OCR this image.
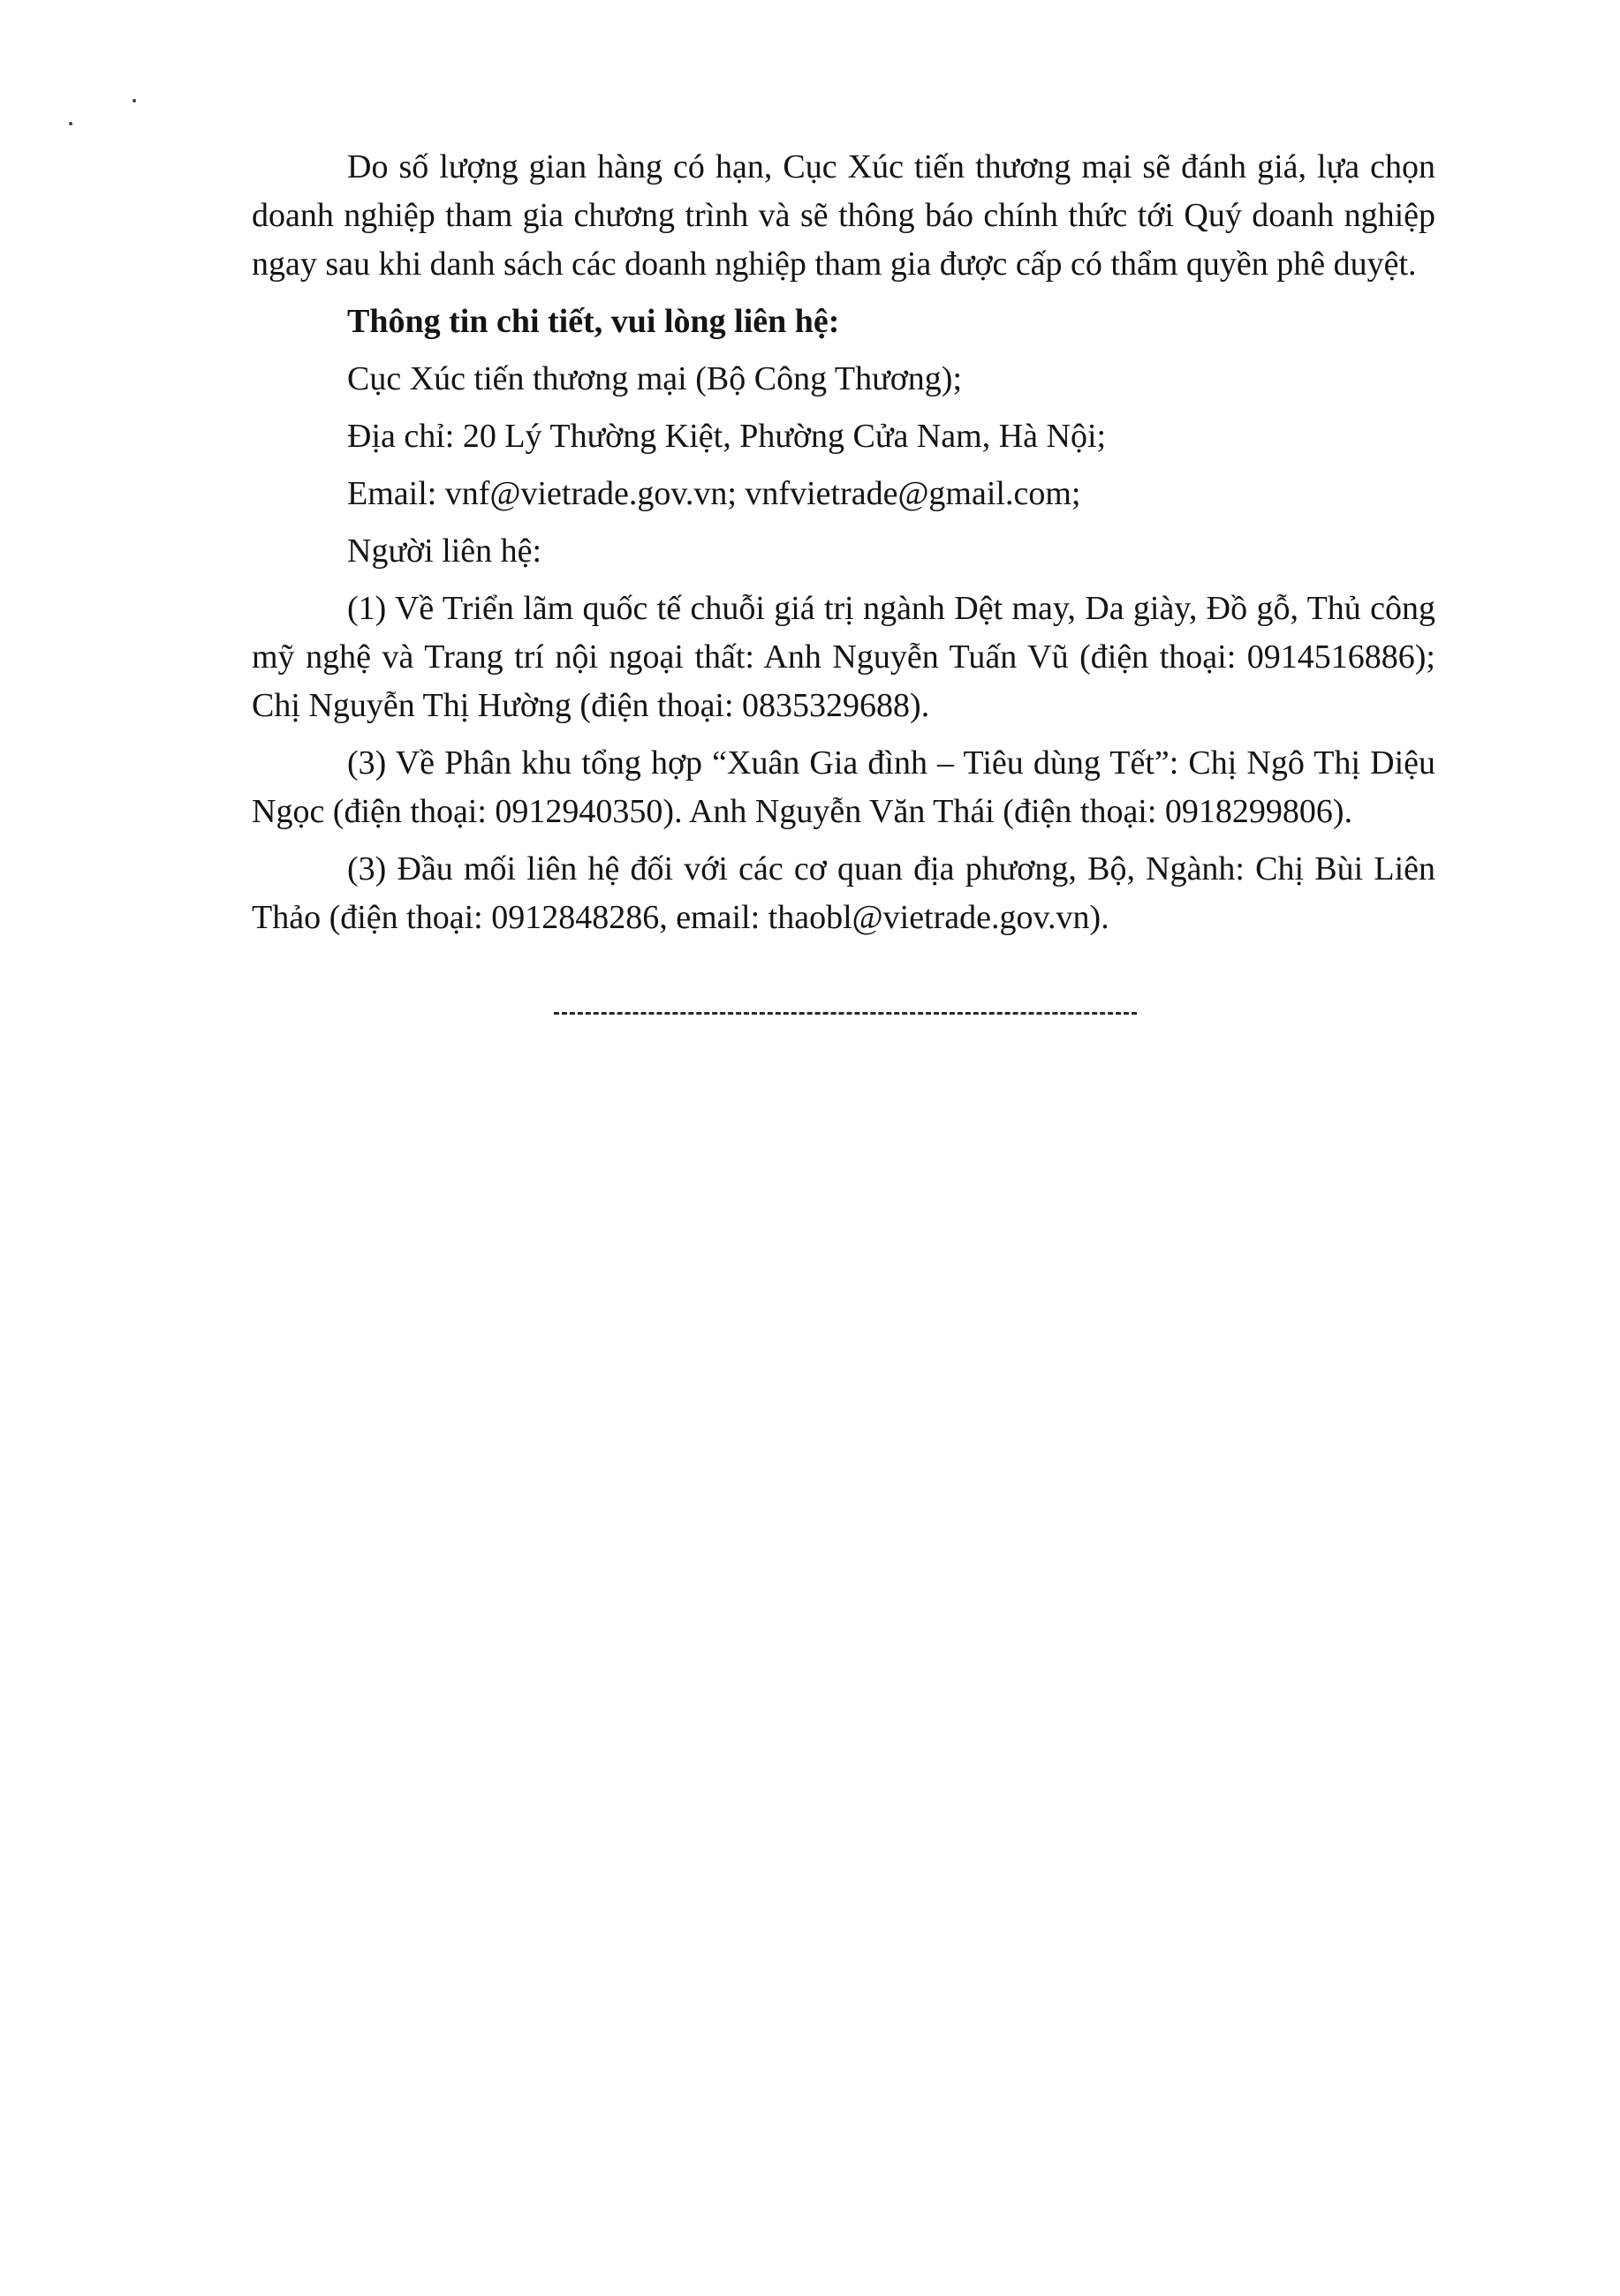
Do số lượng gian hàng có hạn, Cục Xúc tiến thương mại sẽ đánh giá, lựa chọn doanh nghiệp tham gia chương trình và sẽ thông báo chính thức tới Quý doanh nghiệp ngay sau khi danh sách các doanh nghiệp tham gia được cấp có thẩm quyền phê duyệt.

Thông tin chi tiết, vui lòng liên hệ:

Cục Xúc tiến thương mại (Bộ Công Thương);

Địa chỉ: 20 Lý Thường Kiệt, Phường Cửa Nam, Hà Nội;

Email: vnf@vietrade.gov.vn; vnfvietrade@gmail.com;

Người liên hệ:

(1) Về Triển lãm quốc tế chuỗi giá trị ngành Dệt may, Da giày, Đồ gỗ, Thủ công mỹ nghệ và Trang trí nội ngoại thất: Anh Nguyễn Tuấn Vũ (điện thoại: 0914516886); Chị Nguyễn Thị Hường (điện thoại: 0835329688).

(3) Về Phân khu tổng hợp “Xuân Gia đình – Tiêu dùng Tết”: Chị Ngô Thị Diệu Ngọc (điện thoại: 0912940350). Anh Nguyễn Văn Thái (điện thoại: 0918299806).

(3) Đầu mối liên hệ đối với các cơ quan địa phương, Bộ, Ngành: Chị Bùi Liên Thảo (điện thoại: 0912848286, email: thaobl@vietrade.gov.vn).
